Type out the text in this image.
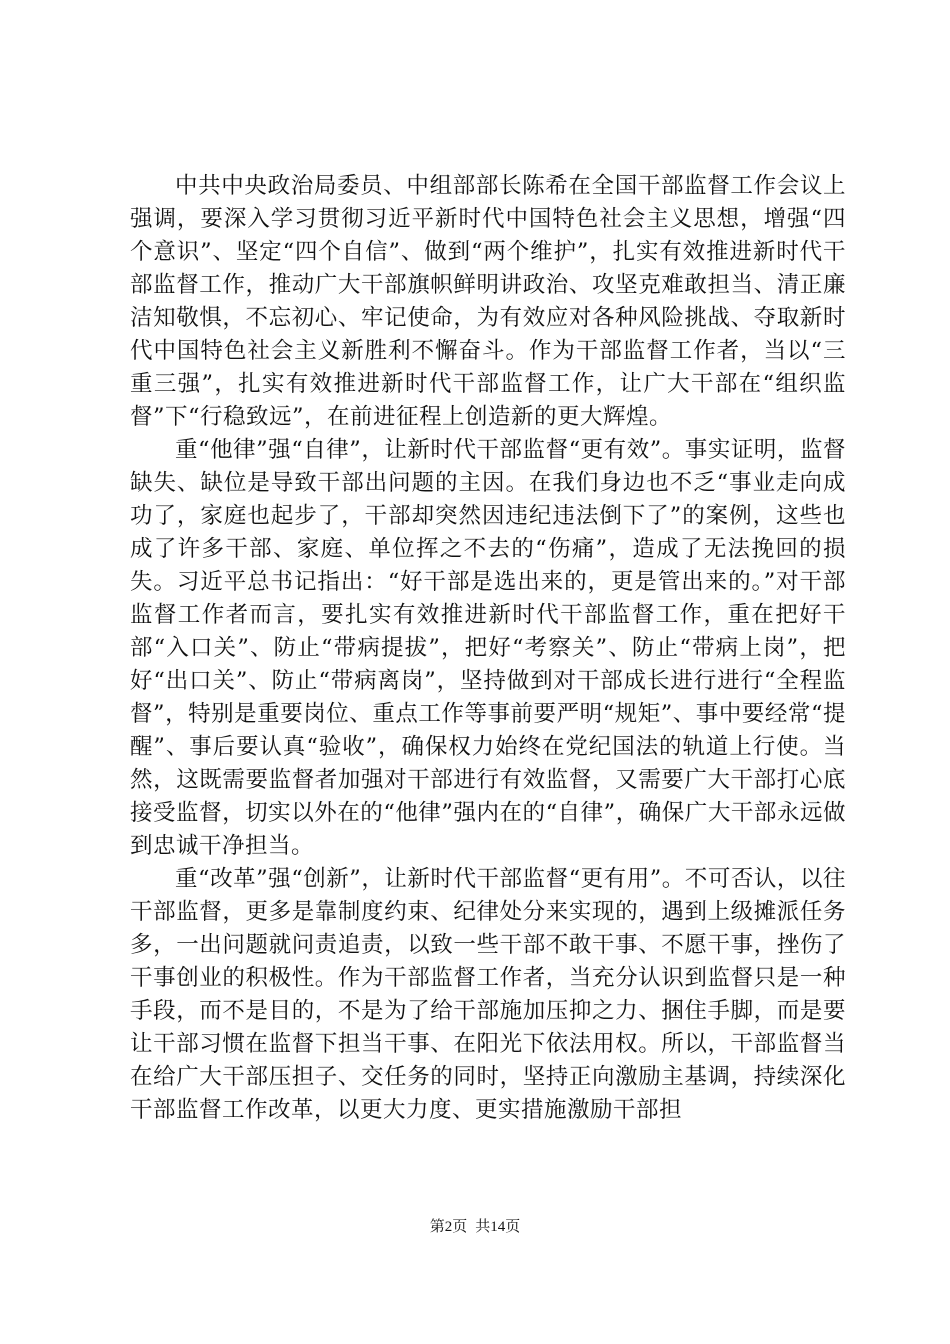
中共中央政治局委员、中组部部长陈希在全国干部监督工作会议上强调，要深入学习贯彻习近平新时代中国特色社会主义思想，增强“四个意识”、坚定“四个自信”、做到“两个维护”，扎实有效推进新时代干部监督工作，推动广大干部旗帜鲜明讲政治、攻坚克难敢担当、清正廉洁知敬惧，不忘初心、牢记使命，为有效应对各种风险挑战、夺取新时代中国特色社会主义新胜利不懈奋斗。作为干部监督工作者，当以“三重三强”，扎实有效推进新时代干部监督工作，让广大干部在“组织监督”下“行稳致远”，在前进征程上创造新的更大辉煌。

重“他律”强“自律”，让新时代干部监督“更有效”。事实证明，监督缺失、缺位是导致干部出问题的主因。在我们身边也不乏“事业走向成功了，家庭也起步了，干部却突然因违纪违法倒下了”的案例，这些也成了许多干部、家庭、单位挥之不去的“伤痛”，造成了无法挽回的损失。习近平总书记指出：“好干部是选出来的，更是管出来的。”对干部监督工作者而言，要扎实有效推进新时代干部监督工作，重在把好干部“入口关”、防止“带病提拔”，把好“考察关”、防止“带病上岗”，把好“出口关”、防止“带病离岗”，坚持做到对干部成长进行进行“全程监督”，特别是重要岗位、重点工作等事前要严明“规矩”、事中要经常“提醒”、事后要认真“验收”，确保权力始终在党纪国法的轨道上行使。当然，这既需要监督者加强对干部进行有效监督，又需要广大干部打心底接受监督，切实以外在的“他律”强内在的“自律”，确保广大干部永远做到忠诚干净担当。

重“改革”强“创新”，让新时代干部监督“更有用”。不可否认，以往干部监督，更多是靠制度约束、纪律处分来实现的，遇到上级摊派任务多，一出问题就问责追责，以致一些干部不敢干事、不愿干事，挫伤了干事创业的积极性。作为干部监督工作者，当充分认识到监督只是一种手段，而不是目的，不是为了给干部施加压抑之力、捆住手脚，而是要让干部习惯在监督下担当干事、在阳光下依法用权。所以，干部监督当在给广大干部压担子、交任务的同时，坚持正向激励主基调，持续深化干部监督工作改革，以更大力度、更实措施激励干部担

第2页 共14页
